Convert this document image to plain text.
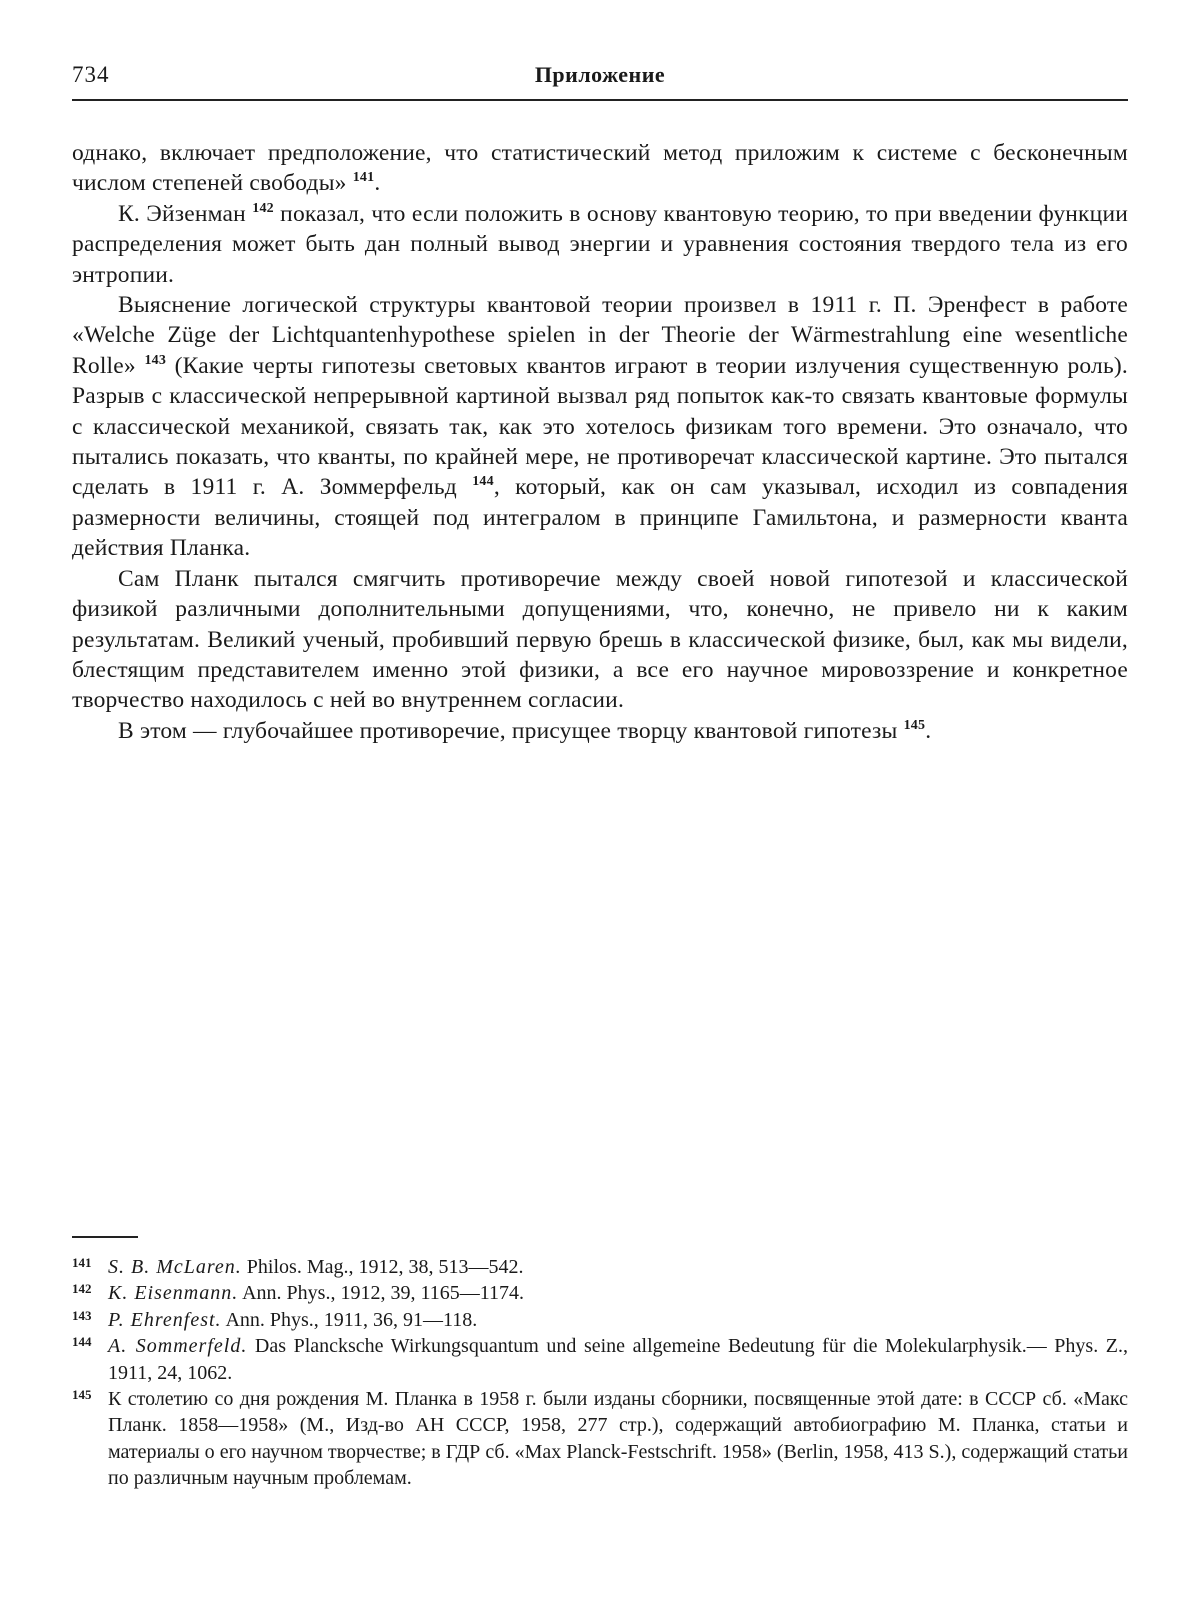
734	Приложение

однако, включает предположение, что статистический метод приложим к системе с бесконечным числом степеней свободы» 141.

К. Эйзенман 142 показал, что если положить в основу квантовую теорию, то при введении функции распределения может быть дан полный вывод энергии и уравнения состояния твердого тела из его энтропии.

Выяснение логической структуры квантовой теории произвел в 1911 г. П. Эренфест в работе «Welche Züge der Lichtquantenhypothese spielen in der Theorie der Wärmestrahlung eine wesentliche Rolle» 143 (Какие черты гипотезы световых квантов играют в теории излучения существенную роль). Разрыв с классической непрерывной картиной вызвал ряд попыток как-то связать квантовые формулы с классической механикой, связать так, как это хотелось физикам того времени. Это означало, что пытались показать, что кванты, по крайней мере, не противоречат классической картине. Это пытался сделать в 1911 г. А. Зоммерфельд 144, который, как он сам указывал, исходил из совпадения размерности величины, стоящей под интегралом в принципе Гамильтона, и размерности кванта действия Планка.

Сам Планк пытался смягчить противоречие между своей новой гипотезой и классической физикой различными дополнительными допущениями, что, конечно, не привело ни к каким результатам. Великий ученый, пробивший первую брешь в классической физике, был, как мы видели, блестящим представителем именно этой физики, а все его научное мировоззрение и конкретное творчество находилось с ней во внутреннем согласии.

В этом — глубочайшее противоречие, присущее творцу квантовой гипотезы 145.

141 S. B. McLaren. Philos. Mag., 1912, 38, 513—542.
142 K. Eisenmann. Ann. Phys., 1912, 39, 1165—1174.
143 P. Ehrenfest. Ann. Phys., 1911, 36, 91—118.
144 A. Sommerfeld. Das Plancksche Wirkungsquantum und seine allgemeine Bedeutung für die Molekularphysik.— Phys. Z., 1911, 24, 1062.
145 К столетию со дня рождения М. Планка в 1958 г. были изданы сборники, посвященные этой дате: в СССР сб. «Макс Планк. 1858—1958» (М., Изд-во АН СССР, 1958, 277 стр.), содержащий автобиографию М. Планка, статьи и материалы о его научном творчестве; в ГДР сб. «Max Planck-Festschrift. 1958» (Berlin, 1958, 413 S.), содержащий статьи по различным научным проблемам.
